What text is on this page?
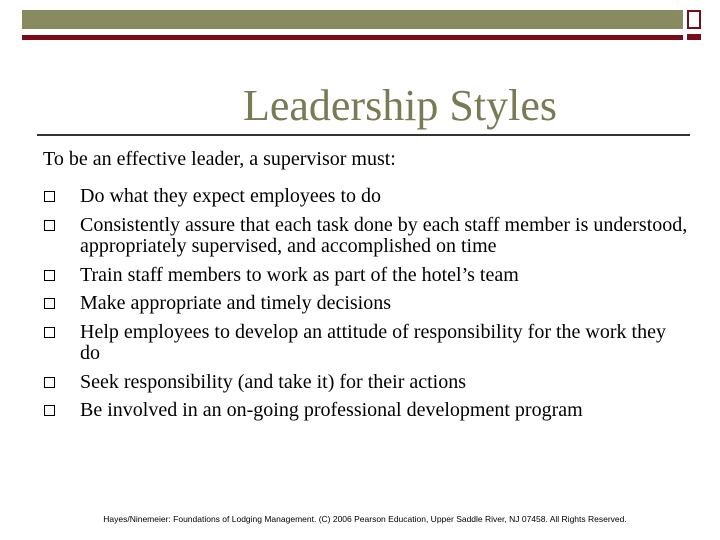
Leadership Styles
To be an effective leader, a supervisor must:
Do what they expect employees to do
Consistently assure that each task done by each staff member is understood, appropriately supervised, and accomplished on time
Train staff members to work as part of the hotel’s team
Make appropriate and timely decisions
Help employees to develop an attitude of responsibility for the work they do
Seek responsibility (and take it) for their actions
Be involved in an on-going professional development program
Hayes/Ninemeier: Foundations of Lodging Management. (C) 2006 Pearson Education, Upper Saddle River, NJ 07458. All Rights Reserved.
